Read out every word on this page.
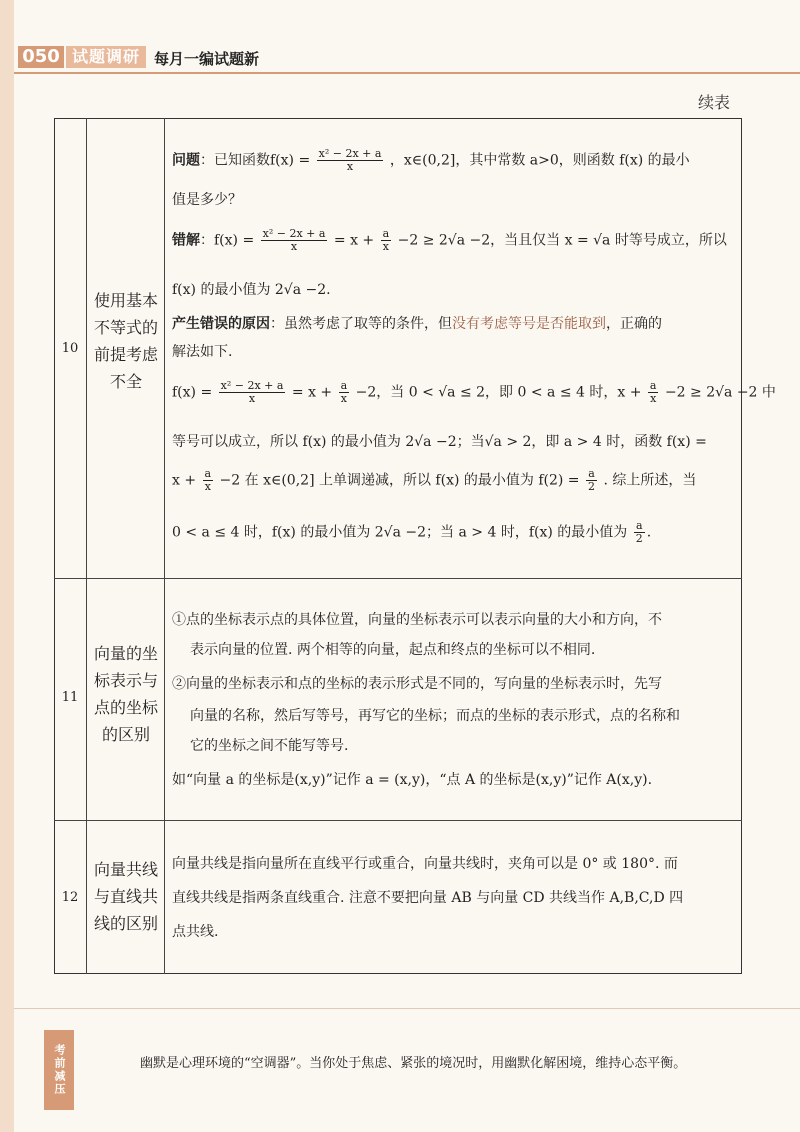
050 试题调研 每月一编试题新
续表
10
使用基本
不等式的
前提考虑
不全
问题：已知函数$f(x) = \frac{\text{x² − 2x + a}}{x}$ ，x∈(0,2]，其中常数 a>0，则函数 f(x) 的最小
值是多少？
错解：$f(x) = \frac{\text{x² − 2x + a}}{x} = x + \frac{a}{x} -2 \ge 2√a -2$，当且仅当 x = √a 时等号成立，所以
f(x) 的最小值为 2√a −2.
产生错误的原因：虽然考虑了取等的条件，但没有考虑等号是否能取到，正确的
解法如下.
$f(x) = \frac{\text{x² − 2x + a}}{x} = x + \frac{a}{x} -2$，当 0 < √a ≤ 2，即 0 < a ≤ 4 时，$x + \frac{a}{x} -2 \ge 2√a -2$ 中
等号可以成立，所以 f(x) 的最小值为 2√a −2；当√a > 2，即 a > 4 时，函数 f(x) =
$x + \frac{a}{x} -2$ 在 x∈(0,2] 上单调递减，所以 f(x) 的最小值为 $f(2) = \frac{a}{2}$ . 综上所述，当
0 < a ≤ 4 时，f(x) 的最小值为 2√a −2；当 a > 4 时，f(x) 的最小值为 $\frac{a}{2}$ .
11
向量的坐
标表示与
点的坐标
的区别
①点的坐标表示点的具体位置，向量的坐标表示可以表示向量的大小和方向，不
表示向量的位置. 两个相等的向量，起点和终点的坐标可以不相同.
②向量的坐标表示和点的坐标的表示形式是不同的，写向量的坐标表示时，先写
向量的名称，然后写等号，再写它的坐标；而点的坐标的表示形式，点的名称和
它的坐标之间不能写等号.
如“向量 a 的坐标是(x,y)”记作 a = (x,y)，“点 A 的坐标是(x,y)”记作 A(x,y).
12
向量共线
与直线共
线的区别
向量共线是指向量所在直线平行或重合，向量共线时，夹角可以是 0° 或 180°. 而
直线共线是指两条直线重合. 注意不要把向量 AB 与向量 CD 共线当作 A,B,C,D 四
点共线.
考前减压	幽默是心理环境的“空调器”。当你处于焦虑、紧张的境况时，用幽默化解困境，维持心态平衡。
